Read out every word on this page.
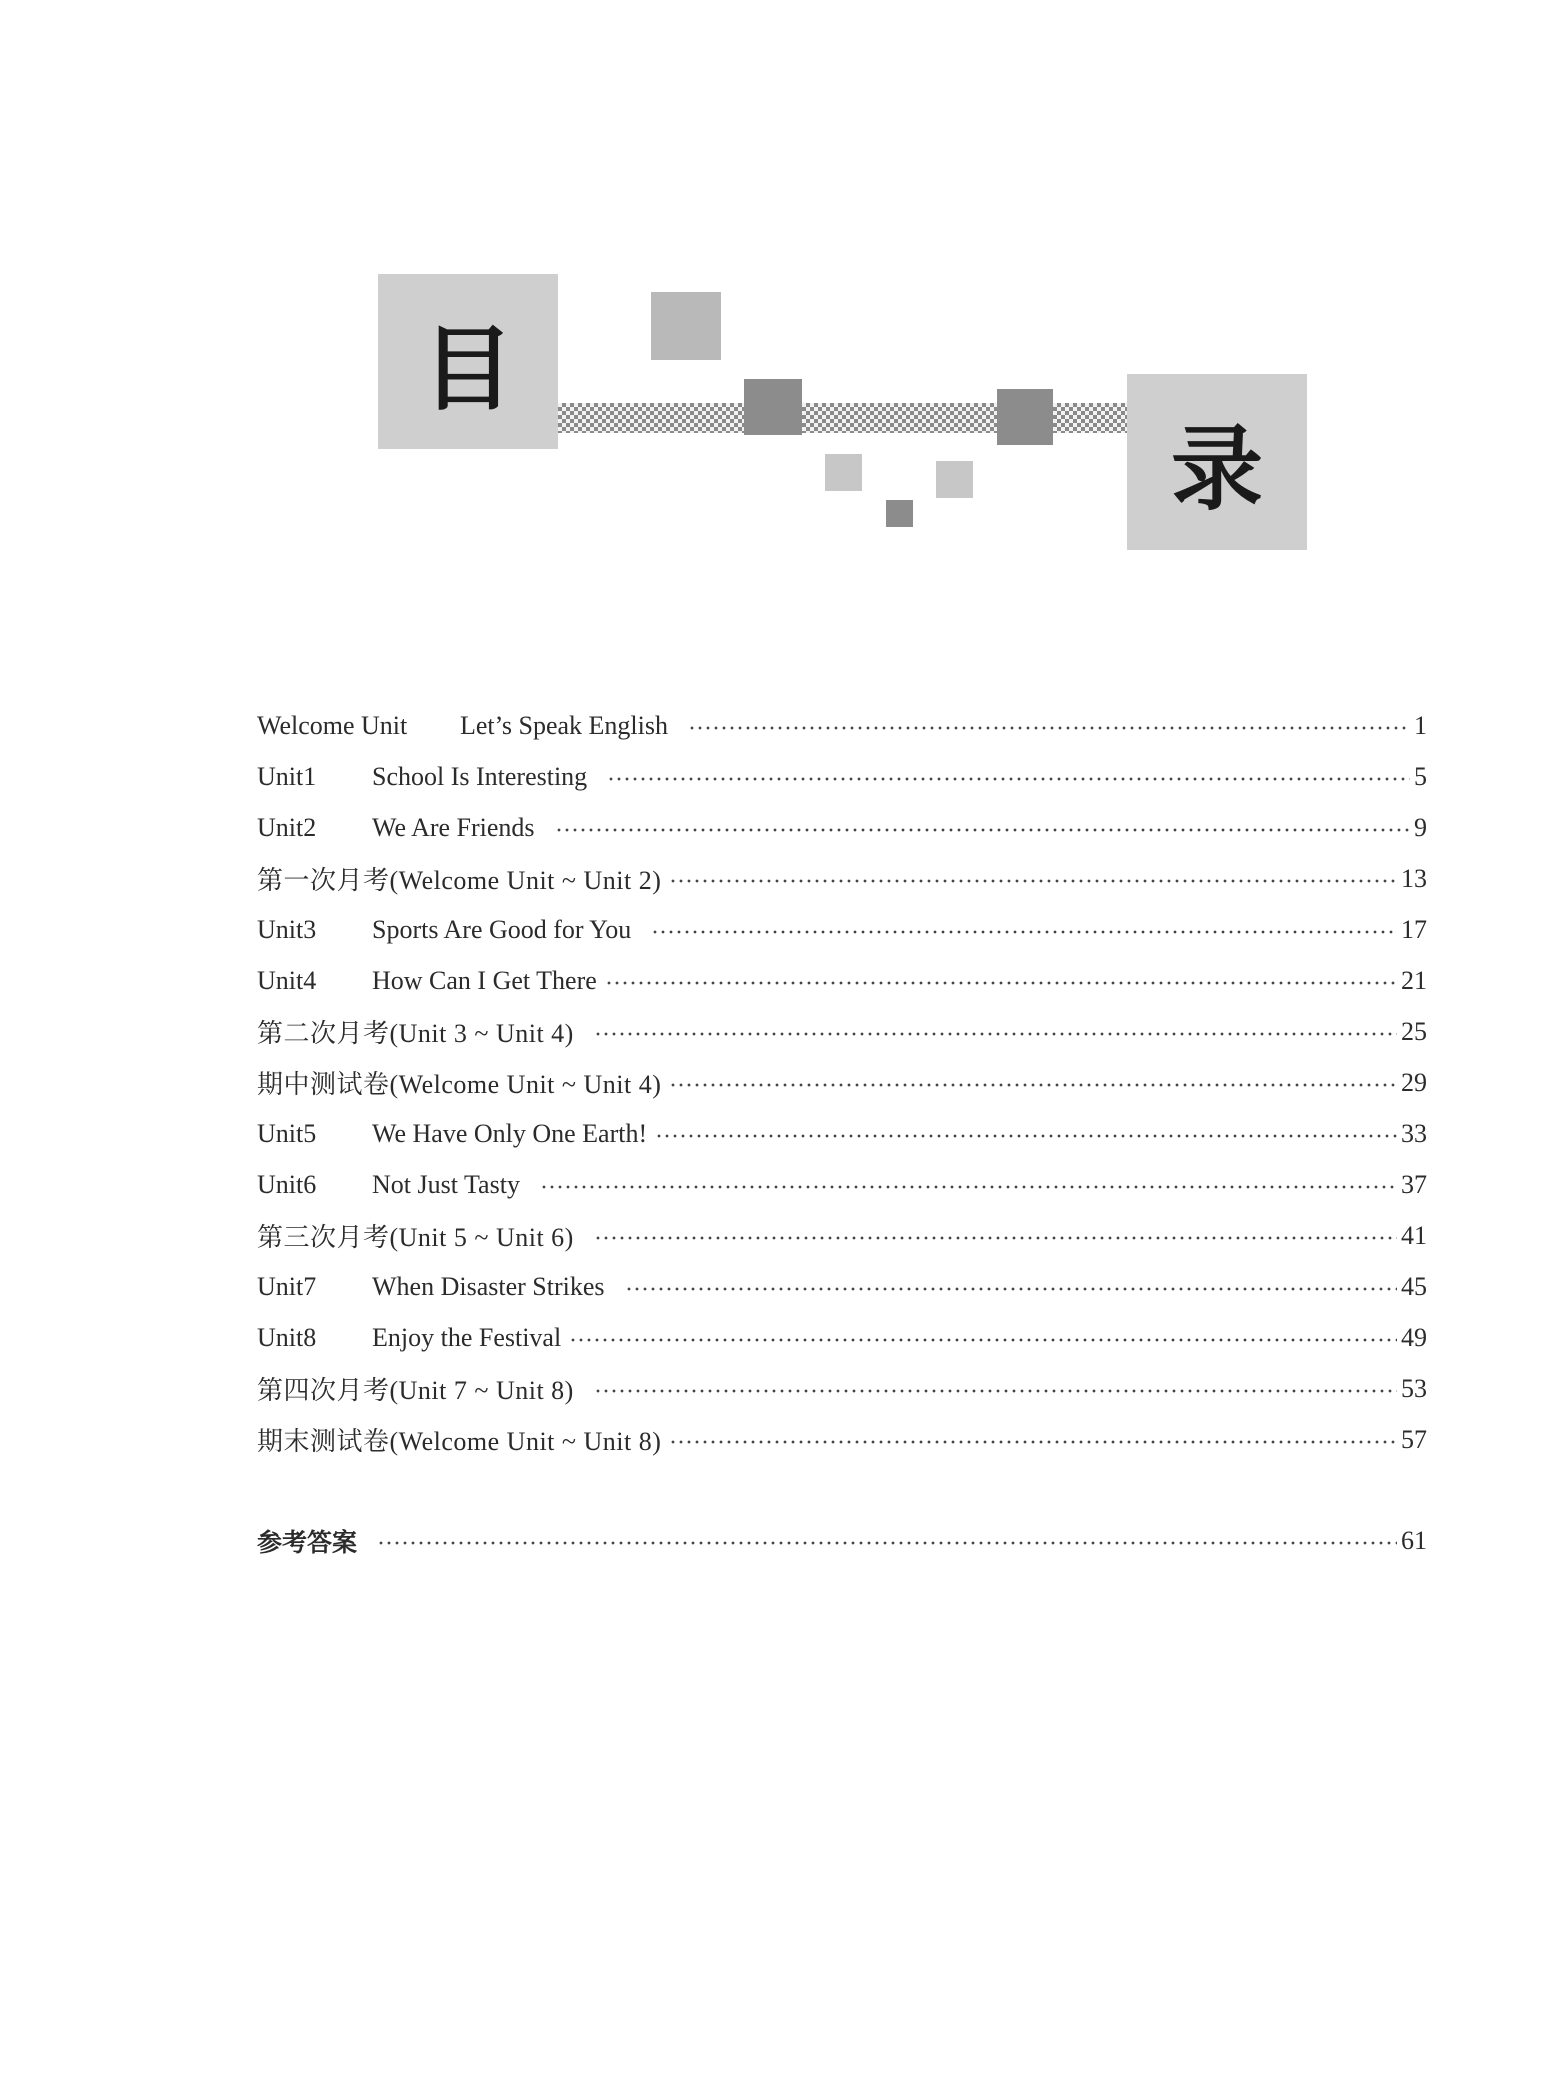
目
录
Welcome Unit	Let’s Speak English	1
Unit1	School Is Interesting	5
Unit2	We Are Friends	9
第一次月考(Welcome Unit ~ Unit 2)	13
Unit3	Sports Are Good for You	17
Unit4	How Can I Get There	21
第二次月考(Unit 3 ~ Unit 4)	25
期中测试卷(Welcome Unit ~ Unit 4)	29
Unit5	We Have Only One Earth!	33
Unit6	Not Just Tasty	37
第三次月考(Unit 5 ~ Unit 6)	41
Unit7	When Disaster Strikes	45
Unit8	Enjoy the Festival	49
第四次月考(Unit 7 ~ Unit 8)	53
期末测试卷(Welcome Unit ~ Unit 8)	57
参考答案	61
